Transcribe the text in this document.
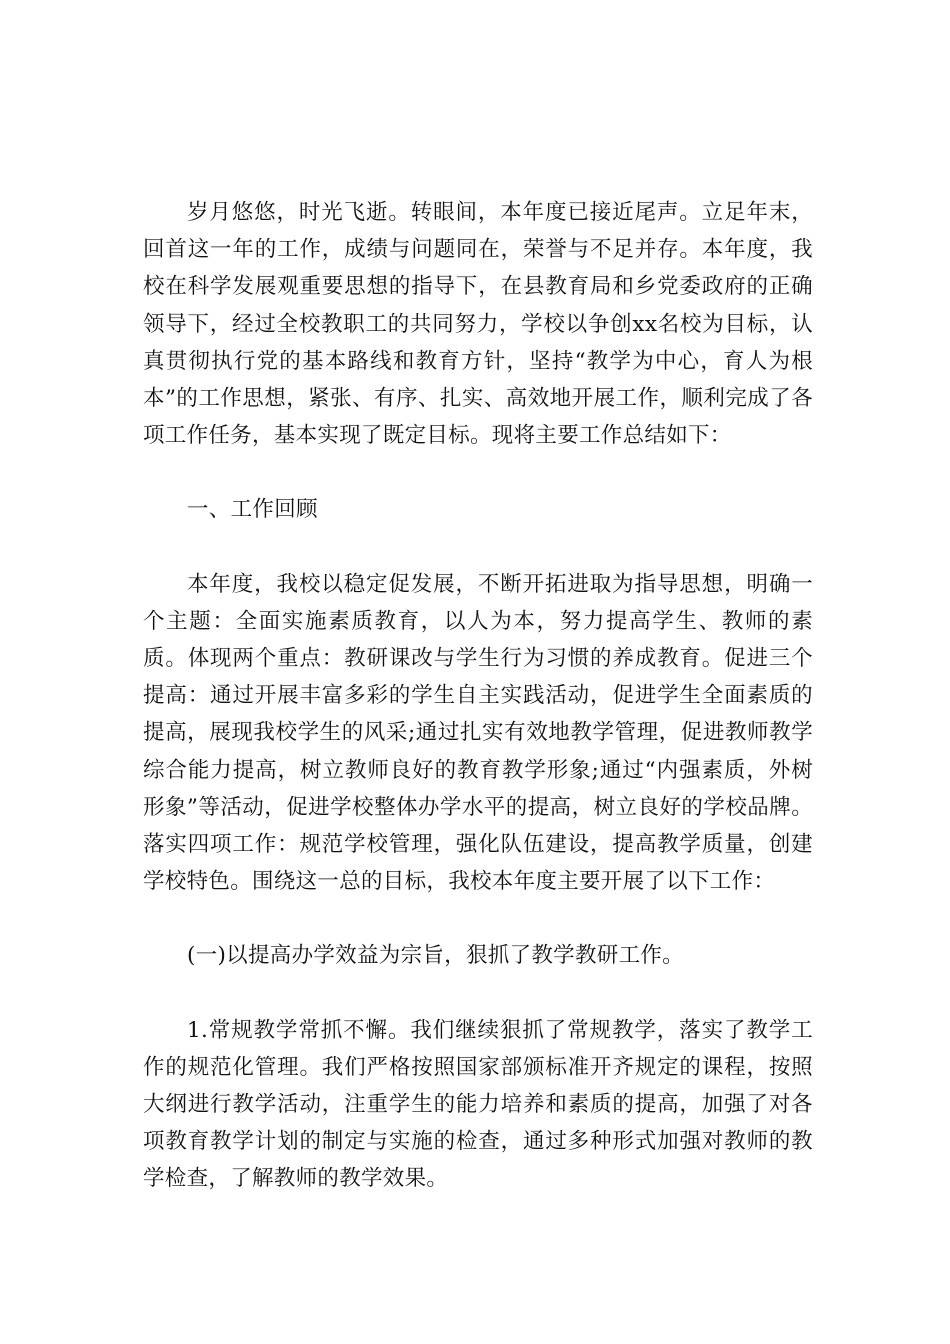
岁月悠悠，时光飞逝。转眼间，本年度已接近尾声。立足年末，回首这一年的工作，成绩与问题同在，荣誉与不足并存。本年度，我校在科学发展观重要思想的指导下，在县教育局和乡党委政府的正确领导下，经过全校教职工的共同努力，学校以争创xx名校为目标，认真贯彻执行党的基本路线和教育方针，坚持“教学为中心，育人为根本”的工作思想，紧张、有序、扎实、高效地开展工作，顺利完成了各项工作任务，基本实现了既定目标。现将主要工作总结如下：

一、工作回顾

本年度，我校以稳定促发展，不断开拓进取为指导思想，明确一个主题：全面实施素质教育，以人为本，努力提高学生、教师的素质。体现两个重点：教研课改与学生行为习惯的养成教育。促进三个提高：通过开展丰富多彩的学生自主实践活动，促进学生全面素质的提高，展现我校学生的风采;通过扎实有效地教学管理，促进教师教学综合能力提高，树立教师良好的教育教学形象;通过“内强素质，外树形象”等活动，促进学校整体办学水平的提高，树立良好的学校品牌。落实四项工作：规范学校管理，强化队伍建设，提高教学质量，创建学校特色。围绕这一总的目标，我校本年度主要开展了以下工作：

(一)以提高办学效益为宗旨，狠抓了教学教研工作。

1.常规教学常抓不懈。我们继续狠抓了常规教学，落实了教学工作的规范化管理。我们严格按照国家部颁标准开齐规定的课程，按照大纲进行教学活动，注重学生的能力培养和素质的提高，加强了对各项教育教学计划的制定与实施的检查，通过多种形式加强对教师的教学检查，了解教师的教学效果。
